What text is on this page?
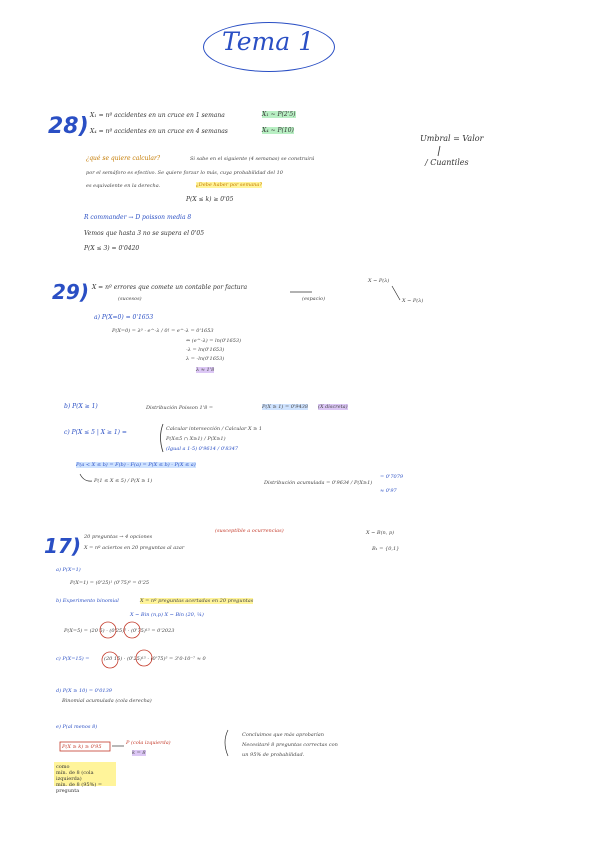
Tema 1
28) X₁ = nº accidentes en un cruce en 1 semana	X₁ ~ P(2'5)
X₄ = nº accidentes en un cruce en 4 semanas	X₄ ~ P(10)
Umbral = Valor
/ Cuantiles
¿qué se quiere calcular?	Si sabe en el siguiente (4 semanas) se construirá
por el semáforo es efectivo. Se quiere forzar lo más, cuya probabilidad del 10
es equivalente en la derecha.	¿Debe haber por semana?
P(X ≤ k) ≥ 0'05
R commander → D poisson media 8
Vemos que hasta 3 no se supera el 0'05
P(X ≤ 3) = 0'0420
29) X = nº errores que comete un contable por factura
(sucesos)	(espacio)
X ~ P(λ)
X ~ P(λ)
a) P(X=0) = 0'1653
P(X=0) = λ⁰ · e^-λ / 0! = e^-λ = 0'1653
⇔ (e^-λ) = ln(0'1653)
-λ = ln(0'1653)
λ = -ln(0'1653)
λ ≈ 1'8
b) P(X ≥ 1)	Distribución Poisson 1'8 =	P(X ≥ 1) = 0'9438 (X discreta)
c) P(X ≤ 5 | X ≥ 1) =	Calcular intersección / Calcular X ≥ 1
P(X≤5 ∩ X≥1) / P(X≥1)
(Igual a 1-5) 0'9614 / 0'8347
P(a < X ≤ b) = F(b) - F(a) = P(X ≤ b) - P(X ≤ a)
P(1 ≤ X ≤ 5) / P(X ≥ 1)	Distribución acumulada = 0'9634 / P(X≥1)
= 0'7079
≈ 0'97
17) 20 preguntas → 4 opciones
X = nº aciertos en 20 preguntas al azar
(susceptible a ocurrencias)	X ~ B(n, p)
B₁ = {0,1}
a) P(X=1)
P(X=1) = (0'25)¹ (0'75)⁰ = 0'25
b) Experimento binomial	X = nº preguntas acertadas en 20 preguntas
X ~ Bin (n,p) X ~ Bin (20, ¼)
P(X=5) = (20 5) · (0'25)⁵ · (0'75)¹⁵ = 0'2023
c) P(X=15) =	(20 15) · (0'25)¹⁵ · (0'75)⁵ = 3'0·10⁻⁷ ≈ 0
d) P(X ≥ 10) = 0'0139
Binomial acumulada (cola derecha)
e) P(al menos 8)
P(X ≥ k) ≥ 0'95
P (cola izquierda)
k = 8
Concluimos que más aprobarían
Necesitaré 8 preguntas correctas con
un 95% de probabilidad.
como
mín. de 8 (cola izquierda)
mín. de 8 (95%) = pregunta
